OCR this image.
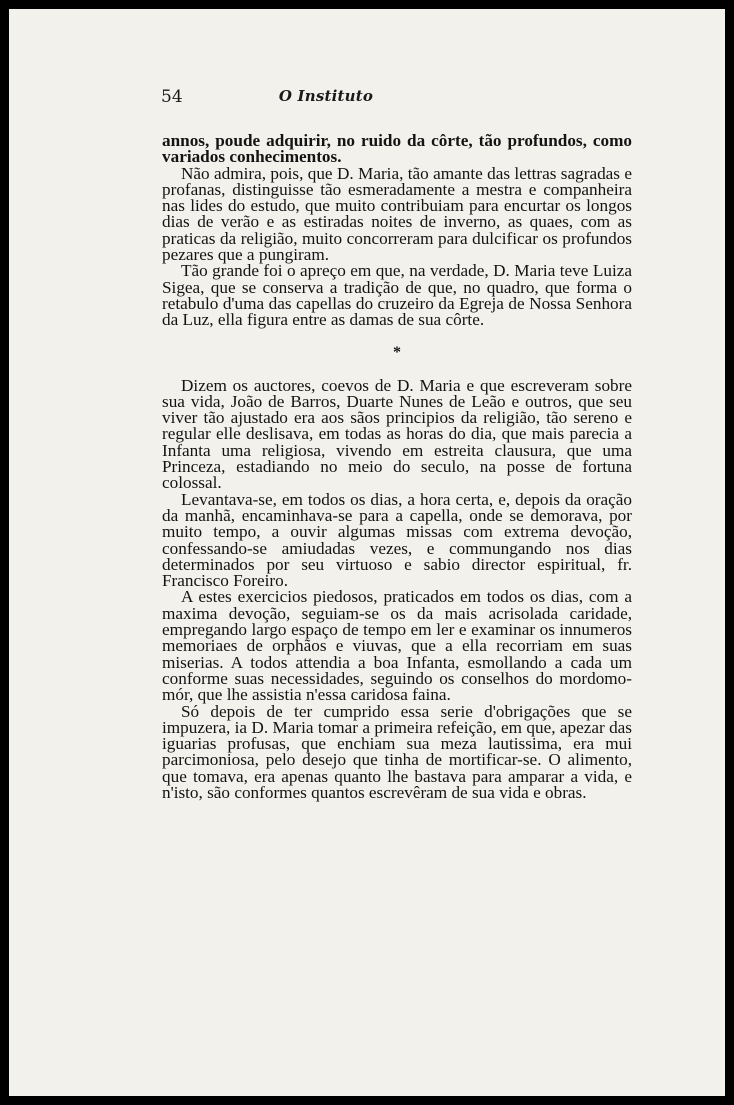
54	O Instituto

annos, poude adquirir, no ruido da côrte, tão profundos, como variados conhecimentos.

Não admira, pois, que D. Maria, tão amante das lettras sagradas e profanas, distinguisse tão esmeradamente a mestra e companheira nas lides do estudo, que muito contribuiam para encurtar os longos dias de verão e as estiradas noites de inverno, as quaes, com as praticas da religião, muito concorreram para dulcificar os profundos pezares que a pungiram.

Tão grande foi o apreço em que, na verdade, D. Maria teve Luiza Sigea, que se conserva a tradição de que, no quadro, que forma o retabulo d'uma das capellas do cruzeiro da Egreja de Nossa Senhora da Luz, ella figura entre as damas de sua côrte.

*

Dizem os auctores, coevos de D. Maria e que escreveram sobre sua vida, João de Barros, Duarte Nunes de Leão e outros, que seu viver tão ajustado era aos sãos principios da religião, tão sereno e regular elle deslisava, em todas as horas do dia, que mais parecia a Infanta uma religiosa, vivendo em estreita clausura, que uma Princeza, estadiando no meio do seculo, na posse de fortuna colossal.

Levantava-se, em todos os dias, a hora certa, e, depois da oração da manhã, encaminhava-se para a capella, onde se demorava, por muito tempo, a ouvir algumas missas com extrema devoção, confessando-se amiudadas vezes, e commungando nos dias determinados por seu virtuoso e sabio director espiritual, fr. Francisco Foreiro.

A estes exercicios piedosos, praticados em todos os dias, com a maxima devoção, seguiam-se os da mais acrisolada caridade, empregando largo espaço de tempo em ler e examinar os innumeros memoriaes de orphãos e viuvas, que a ella recorriam em suas miserias. A todos attendia a boa Infanta, esmollando a cada um conforme suas necessidades, seguindo os conselhos do mordomo-mór, que lhe assistia n'essa caridosa faina.

Só depois de ter cumprido essa serie d'obrigações que se impuzera, ia D. Maria tomar a primeira refeição, em que, apezar das iguarias profusas, que enchiam sua meza lautissima, era mui parcimoniosa, pelo desejo que tinha de mortificar-se. O alimento, que tomava, era apenas quanto lhe bastava para amparar a vida, e n'isto, são conformes quantos escrevêram de sua vida e obras.
